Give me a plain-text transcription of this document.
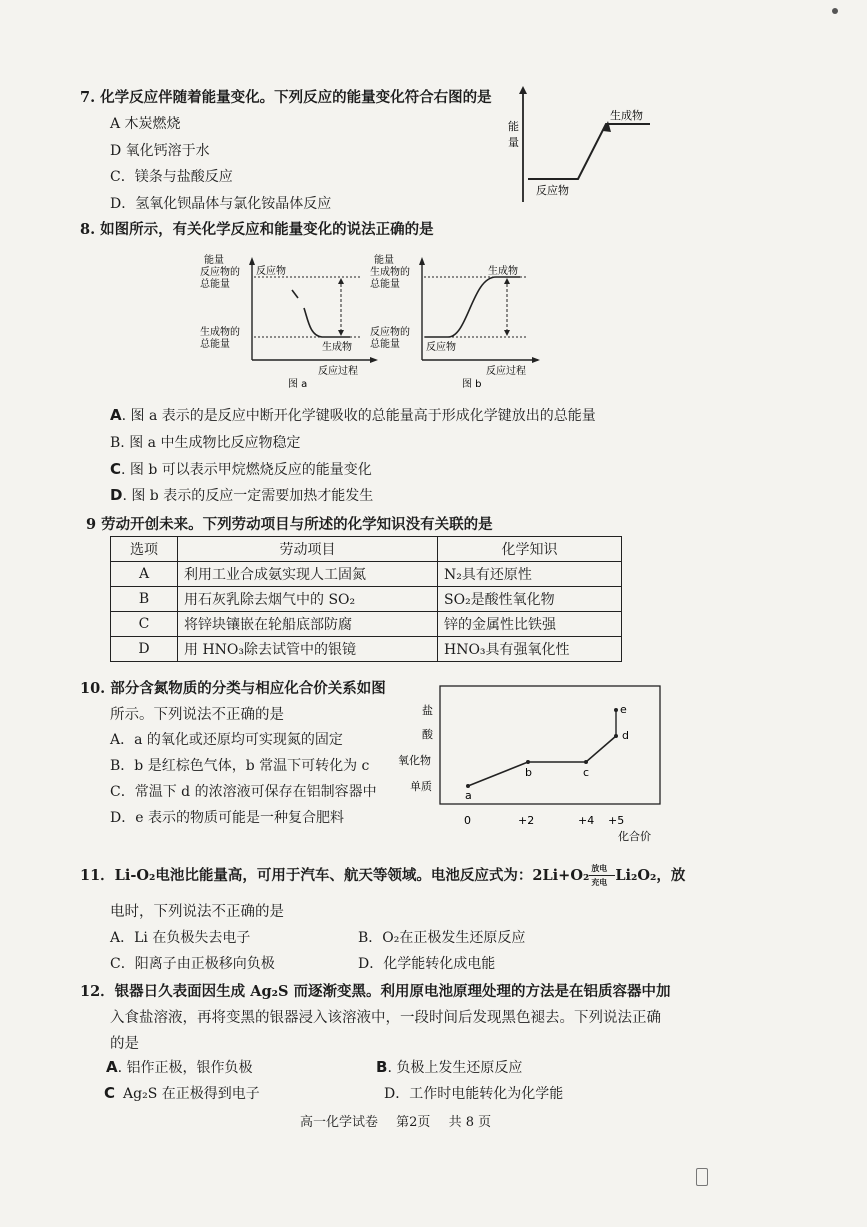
7. 化学反应伴随着能量变化。下列反应的能量变化符合右图的是
A 木炭燃烧
D 氧化钙溶于水
C．镁条与盐酸反应
D．氢氧化钡晶体与氯化铵晶体反应
能
量
生成物
反应物
8. 如图所示，有关化学反应和能量变化的说法正确的是
能量
反应物的
总能量
反应物
生成物的
总能量	生成物
反应过程
图 a
能量
生成物的
总能量
生成物
反应物的
总能量	反应物
反应过程
图 b
A. 图 a 表示的是反应中断开化学键吸收的总能量高于形成化学键放出的总能量
B. 图 a 中生成物比反应物稳定
C. 图 b 可以表示甲烷燃烧反应的能量变化
D. 图 b 表示的反应一定需要加热才能发生
9 劳动开创未来。下列劳动项目与所述的化学知识没有关联的是
选项	劳动项目	化学知识
A	利用工业合成氨实现人工固氮	N₂具有还原性
B	用石灰乳除去烟气中的 SO₂	SO₂是酸性氧化物
C	将锌块镶嵌在轮船底部防腐	锌的金属性比铁强
D	用 HNO₃除去试管中的银镜	HNO₃具有强氧化性
10. 部分含氮物质的分类与相应化合价关系如图
所示。下列说法不正确的是
A．a 的氧化或还原均可实现氮的固定
B．b 是红棕色气体，b 常温下可转化为 c
C．常温下 d 的浓溶液可保存在铝制容器中
D．e 表示的物质可能是一种复合肥料
盐
酸
氧化物
单质
a
b	c
d
e
0	+2	+4 +5
化合价
11．Li-O₂电池比能量高，可用于汽车、航天等领域。电池反应式为：$2Li+O_2 \frac{\text{放电}}{\text{充电}} Li_2O_2$，放
电时，下列说法不正确的是
A．Li 在负极失去电子	B．O₂在正极发生还原反应
C．阳离子由正极移向负极	D．化学能转化成电能
12．银器日久表面因生成 Ag₂S 而逐渐变黑。利用原电池原理处理的方法是在铝质容器中加
入食盐溶液，再将变黑的银器浸入该溶液中，一段时间后发现黑色褪去。下列说法正确
的是
A. 铝作正极，银作负极	B. 负极上发生还原反应
C Ag₂S 在正极得到电子	D．工作时电能转化为化学能
高一化学试卷 第2页 共 8 页
